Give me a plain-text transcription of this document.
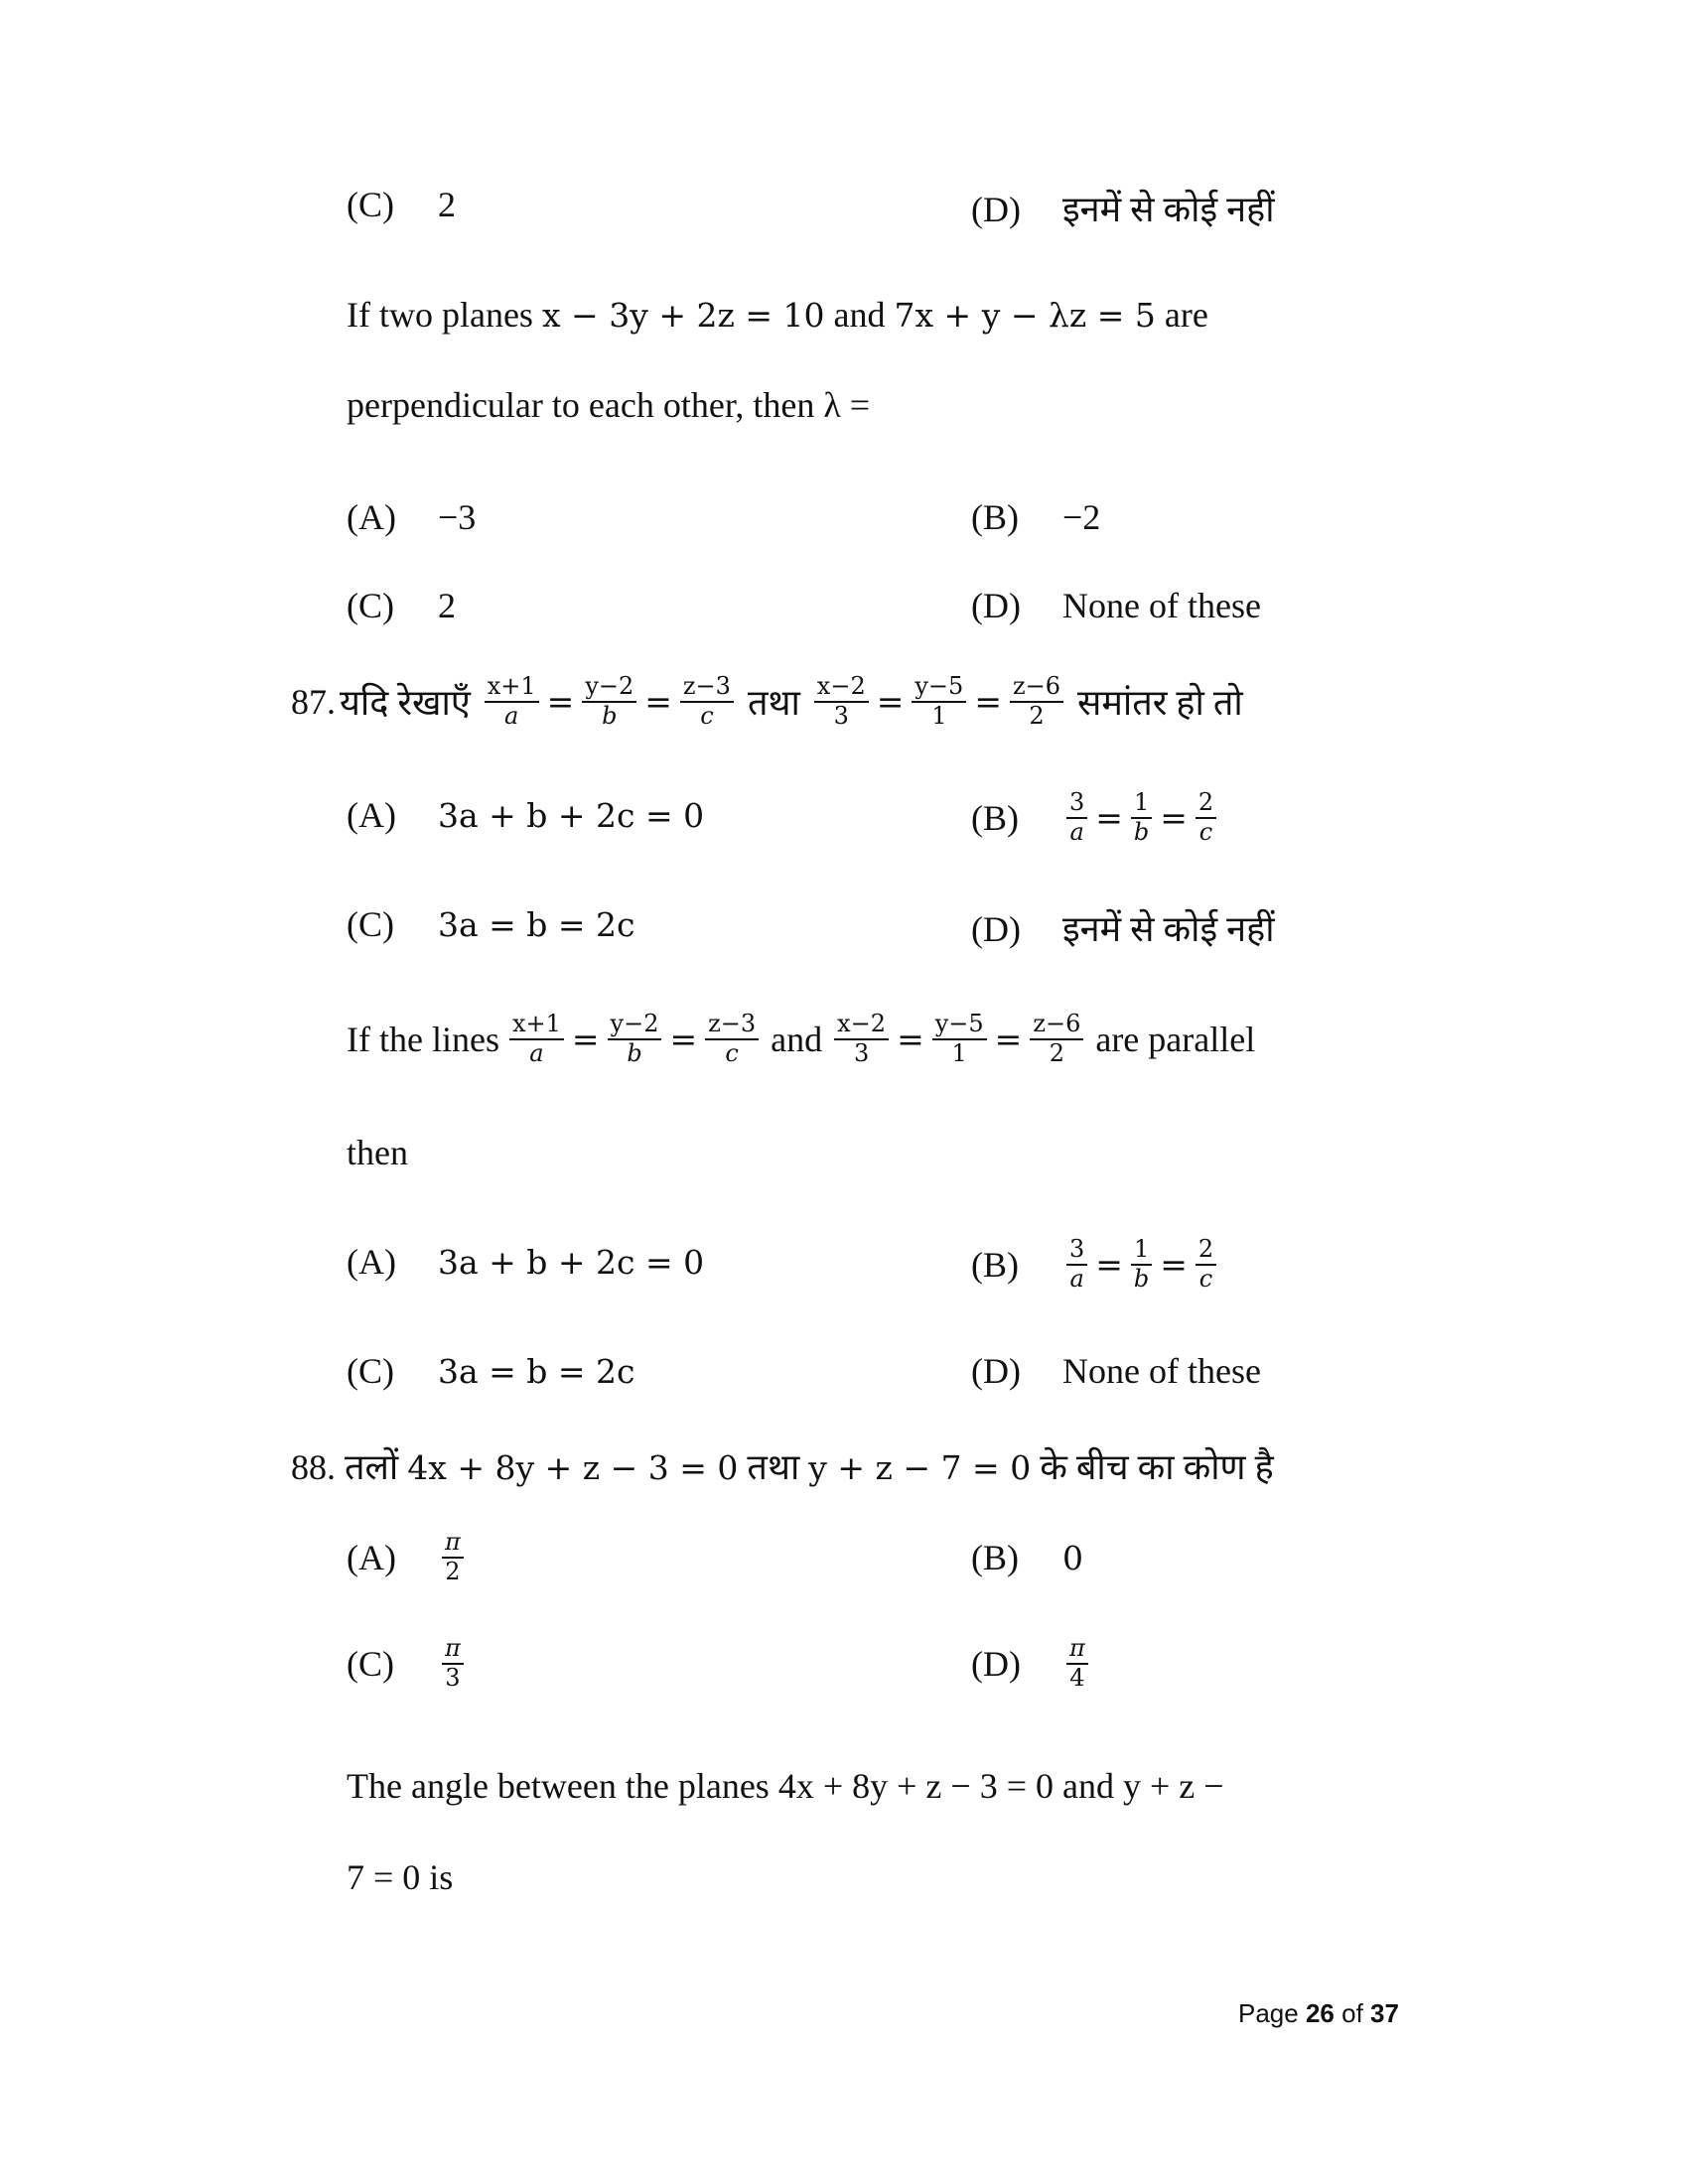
(C) 2	(D) इनमें से कोई नहीं
If two planes x − 3y + 2z = 10 and 7x + y − λz = 5 are
perpendicular to each other, then λ =
(A) −3	(B) −2
(C) 2	(D) None of these
87. यदि रेखाएँ $\frac{x+1}{a} = \frac{y-2}{b} = \frac{z-3}{c}$ तथा $\frac{x-2}{3} = \frac{y-5}{1} = \frac{z-6}{2}$ समांतर हो तो
(A) 3a + b + 2c = 0	(B)	$\frac{3}{a} = \frac{1}{b} = \frac{2}{c}$
(C) 3a = b = 2c	(D) इनमें से कोई नहीं
If the lines $\frac{x+1}{a} = \frac{y-2}{b} = \frac{z-3}{c}$ and $\frac{x-2}{3} = \frac{y-5}{1} = \frac{z-6}{2}$ are parallel
then
(A) 3a + b + 2c = 0	(B)	$\frac{3}{a} = \frac{1}{b} = \frac{2}{c}$
(C) 3a = b = 2c	(D) None of these
88. तलों 4x + 8y + z − 3 = 0 तथा y + z − 7 = 0 के बीच का कोण है
(A)	$\frac{\pi}{2}$	(B) 0
(C)	$\frac{\pi}{3}$	(D)	$\frac{\pi}{4}$
The angle between the planes 4x + 8y + z − 3 = 0 and y + z −
7 = 0 is
Page 26 of 37
